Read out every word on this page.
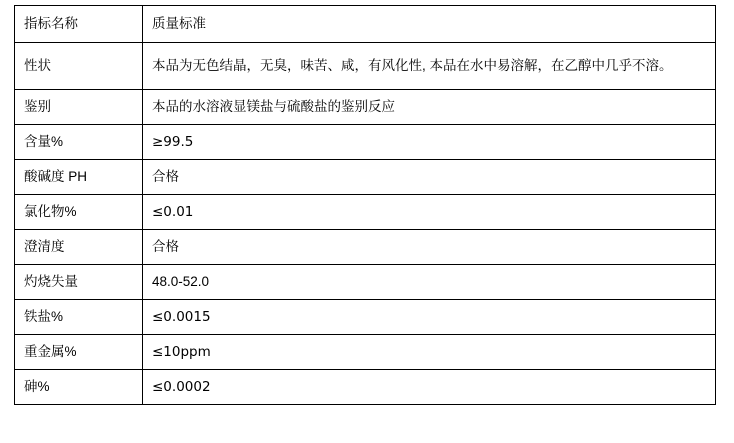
指标名称	质量标准
性状	本品为无色结晶，无臭，味苦、咸，有风化性, 本品在水中易溶解，在乙醇中几乎不溶。
鉴别	本品的水溶液显镁盐与硫酸盐的鉴别反应
含量%	≥99.5
酸碱度 PH	合格
氯化物%	≤0.01
澄清度	合格
灼烧失量	48.0-52.0
铁盐%	≤0.0015
重金属%	≤10ppm
砷%	≤0.0002
